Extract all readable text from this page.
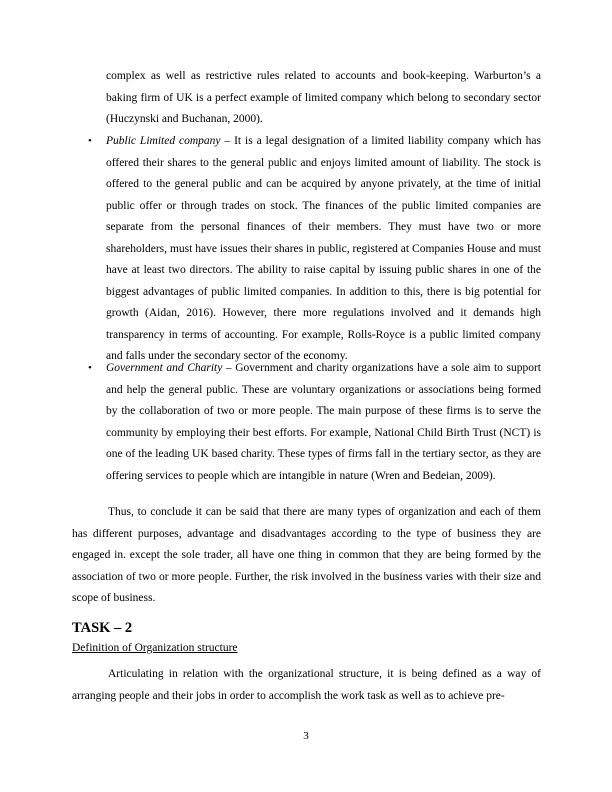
complex as well as restrictive rules related to accounts and book-keeping. Warburton’s a baking firm of UK is a perfect example of limited company which belong to secondary sector (Huczynski and Buchanan, 2000).

• Public Limited company – It is a legal designation of a limited liability company which has offered their shares to the general public and enjoys limited amount of liability. The stock is offered to the general public and can be acquired by anyone privately, at the time of initial public offer or through trades on stock. The finances of the public limited companies are separate from the personal finances of their members. They must have two or more shareholders, must have issues their shares in public, registered at Companies House and must have at least two directors. The ability to raise capital by issuing public shares in one of the biggest advantages of public limited companies. In addition to this, there is big potential for growth (Aidan, 2016). However, there more regulations involved and it demands high transparency in terms of accounting. For example, Rolls-Royce is a public limited company and falls under the secondary sector of the economy.

• Government and Charity – Government and charity organizations have a sole aim to support and help the general public. These are voluntary organizations or associations being formed by the collaboration of two or more people. The main purpose of these firms is to serve the community by employing their best efforts. For example, National Child Birth Trust (NCT) is one of the leading UK based charity. These types of firms fall in the tertiary sector, as they are offering services to people which are intangible in nature (Wren and Bedeian, 2009).

Thus, to conclude it can be said that there are many types of organization and each of them has different purposes, advantage and disadvantages according to the type of business they are engaged in. except the sole trader, all have one thing in common that they are being formed by the association of two or more people. Further, the risk involved in the business varies with their size and scope of business.

TASK – 2

Definition of Organization structure

Articulating in relation with the organizational structure, it is being defined as a way of arranging people and their jobs in order to accomplish the work task as well as to achieve pre-

3
